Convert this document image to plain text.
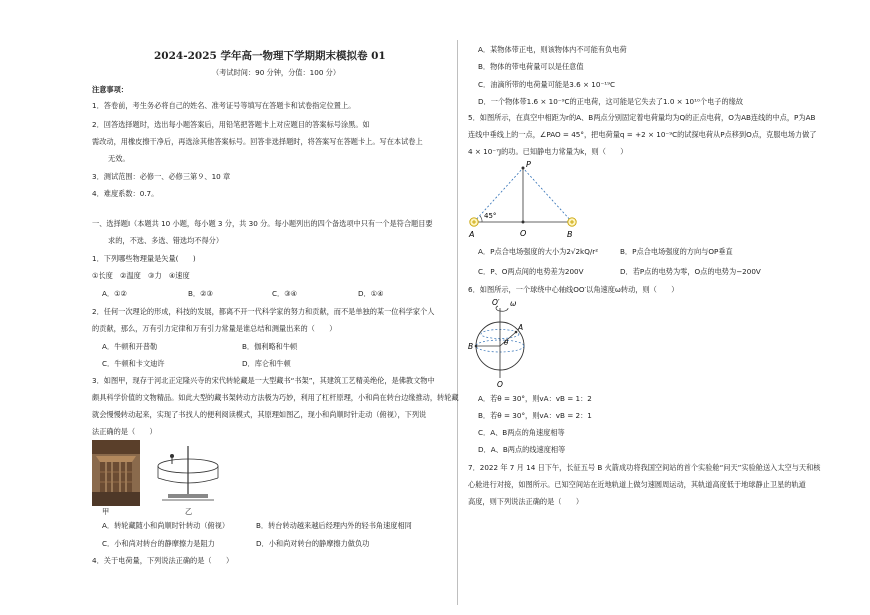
2024-2025 学年高一物理下学期期末模拟卷 01
（考试时间：90 分钟，分值：100 分）
注意事项：
1．答卷前，考生务必将自己的姓名、准考证号等填写在答题卡和试卷指定位置上。
2．回答选择题时，选出每小题答案后，用铅笔把答题卡上对应题目的答案标号涂黑。如
需改动，用橡皮擦干净后，再选涂其他答案标号。回答非选择题时，将答案写在答题卡上。写在本试卷上
无效。
3．测试范围：必修一、必修三第９、10 章
4．难度系数：0.7。
一、选择题Ⅰ（本题共 10 小题，每小题 3 分，共 30 分。每小题列出的四个备选项中只有一个是符合题目要
求的，不选、多选、错选均不得分）
1．下列哪些物理量是矢量(　　)
①长度　②温度　③力　④速度
A．①②	B．②③	C．③④	D．①④
2．任何一次理论的形成，科技的发展，都离不开一代科学家的努力和贡献，而不是单独的某一位科学家个人
的贡献，那么，万有引力定律和万有引力常量是谁总结和测量出来的（　　）
A．牛顿和开普勒	B．伽利略和牛顿
C．牛顿和卡文迪许	D．库仑和牛顿
3．如图甲，现存于河北正定隆兴寺的宋代转轮藏是一大型藏书“书架”，其建筑工艺精美绝伦，是佛教文物中
颇具科学价值的文物精品。如此大型的藏书架转动方法极为巧妙，利用了杠杆原理，小和尚在转台边缘推动，转轮藏
就会慢慢转动起来，实现了书找人的便利阅读模式，其原理如图乙，现小和尚顺时针走动（俯视），下列说
法正确的是（　　）
甲	乙
A．转轮藏随小和尚顺时针转动（俯视）	B．转台转动越来越后经理内外的轻书角速度相同
C．小和尚对转台的静摩擦力是阻力	D．小和尚对转台的静摩擦力做负功
4．关于电荷量，下列说法正确的是（　　）
A．某物体带正电，则该物体内不可能有负电荷
B．物体的带电荷量可以是任意值
C．油滴所带的电荷量可能是3.6 × 10⁻¹⁹C
D．一个物体带1.6 × 10⁻⁹C的正电荷，这可能是它失去了1.0 × 10¹⁰个电子的缘故
5．如图所示，在真空中相距为r的A、B两点分别固定着电荷量均为Q的正点电荷，O为AB连线的中点，P为AB
连线中垂线上的一点，∠PAO = 45°，把电荷量q = +2 × 10⁻⁹C的试探电荷从P点移到O点，克服电场力做了
4 × 10⁻⁷J的功。已知静电力常量为k，则（　　）
P
45°
A	O	B
A．P点合电场强度的大小为2√2kQ/r²	B．P点合电场强度的方向与OP垂直
C．P、O两点间的电势差为200V	D．若P点的电势为零，O点的电势为−200V
6．如图所示，一个球绕中心轴线OO′以角速度ω转动，则（　　）
O′ ω
A
B	θ
O
A．若θ = 30°，则vA：vB = 1：2
B．若θ = 30°，则vA：vB = 2：1
C．A、B两点的角速度相等
D．A、B两点的线速度相等
7．2022 年 7 月 14 日下午，长征五号 B 火箭成功将我国空间站的首个实验舱“问天”实验舱送入太空与天和核
心舱进行对接，如图所示。已知空间站在近地轨道上做匀速圆周运动，其轨道高度低于地球静止卫星的轨道
高度，则下列说法正确的是（　　）
